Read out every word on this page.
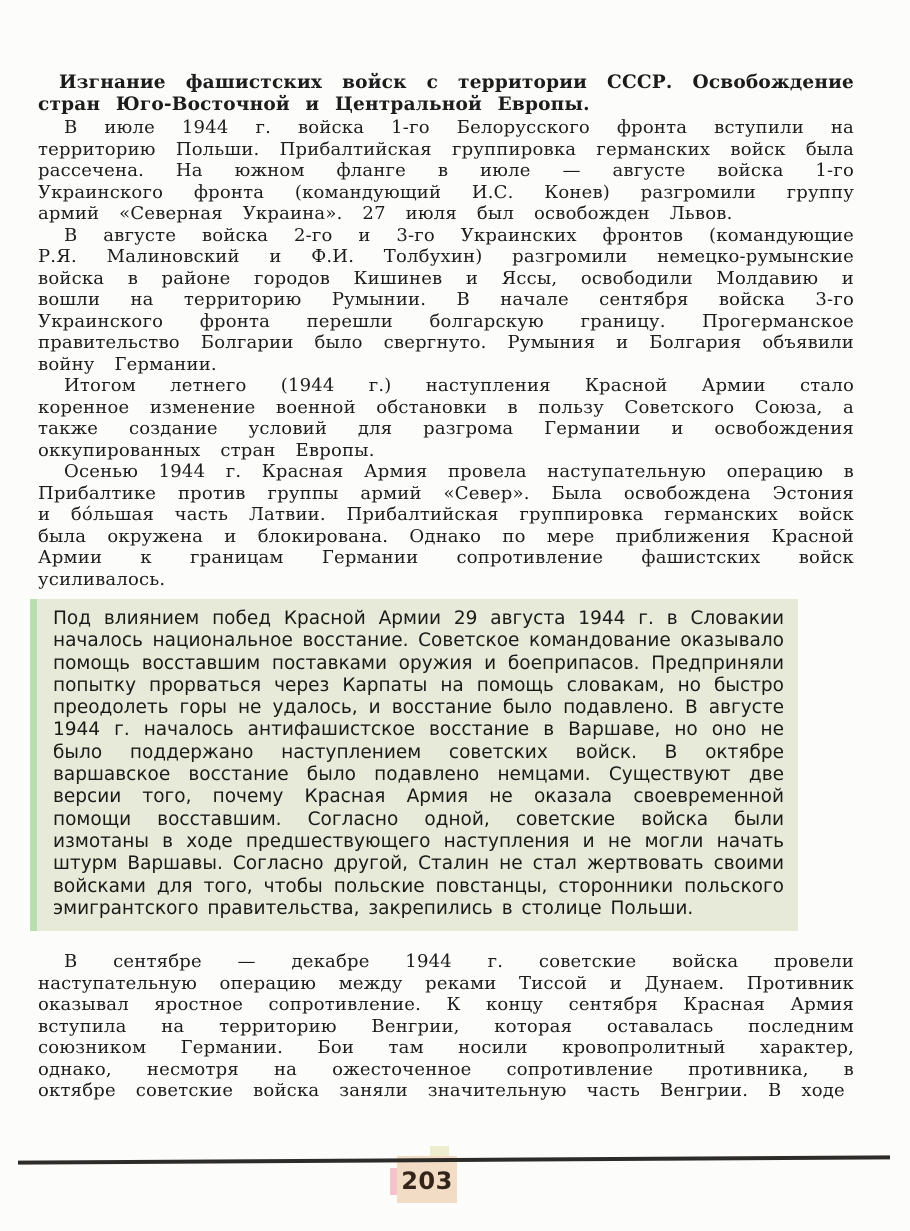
Изгнание фашистских войск с территории СССР. Освобождение стран Юго-Восточной и Центральной Европы.

В июле 1944 г. войска 1-го Белорусского фронта вступили на территорию Польши. Прибалтийская группировка германских войск была рассечена. На южном фланге в июле — августе войска 1-го Украинского фронта (командующий И.С. Конев) разгромили группу армий «Северная Украина». 27 июля был освобожден Львов.

В августе войска 2-го и 3-го Украинских фронтов (командующие Р.Я. Малиновский и Ф.И. Толбухин) разгромили немецко-румынские войска в районе городов Кишинев и Яссы, освободили Молдавию и вошли на территорию Румынии. В начале сентября войска 3-го Украинского фронта перешли болгарскую границу. Прогерманское правительство Болгарии было свергнуто. Румыния и Болгария объявили войну Германии.

Итогом летнего (1944 г.) наступления Красной Армии стало коренное изменение военной обстановки в пользу Советского Союза, а также создание условий для разгрома Германии и освобождения оккупированных стран Европы.

Осенью 1944 г. Красная Армия провела наступательную операцию в Прибалтике против группы армий «Север». Была освобождена Эстония и бо́льшая часть Латвии. Прибалтийская группировка германских войск была окружена и блокирована. Однако по мере приближения Красной Армии к границам Германии сопротивление фашистских войск усиливалось.

Под влиянием побед Красной Армии 29 августа 1944 г. в Словакии началось национальное восстание. Советское командование оказывало помощь восставшим поставками оружия и боеприпасов. Предприняли попытку прорваться через Карпаты на помощь словакам, но быстро преодолеть горы не удалось, и восстание было подавлено. В августе 1944 г. началось антифашистское восстание в Варшаве, но оно не было поддержано наступлением советских войск. В октябре варшавское восстание было подавлено немцами. Существуют две версии того, почему Красная Армия не оказала своевременной помощи восставшим. Согласно одной, советские войска были измотаны в ходе предшествующего наступления и не могли начать штурм Варшавы. Согласно другой, Сталин не стал жертвовать своими войсками для того, чтобы польские повстанцы, сторонники польского эмигрантского правительства, закрепились в столице Польши.

В сентябре — декабре 1944 г. советские войска провели наступательную операцию между реками Тиссой и Дунаем. Противник оказывал яростное сопротивление. К концу сентября Красная Армия вступила на территорию Венгрии, которая оставалась последним союзником Германии. Бои там носили кровопролитный характер, однако, несмотря на ожесточенное сопротивление противника, в октябре советские войска заняли значительную часть Венгрии. В ходе

203
